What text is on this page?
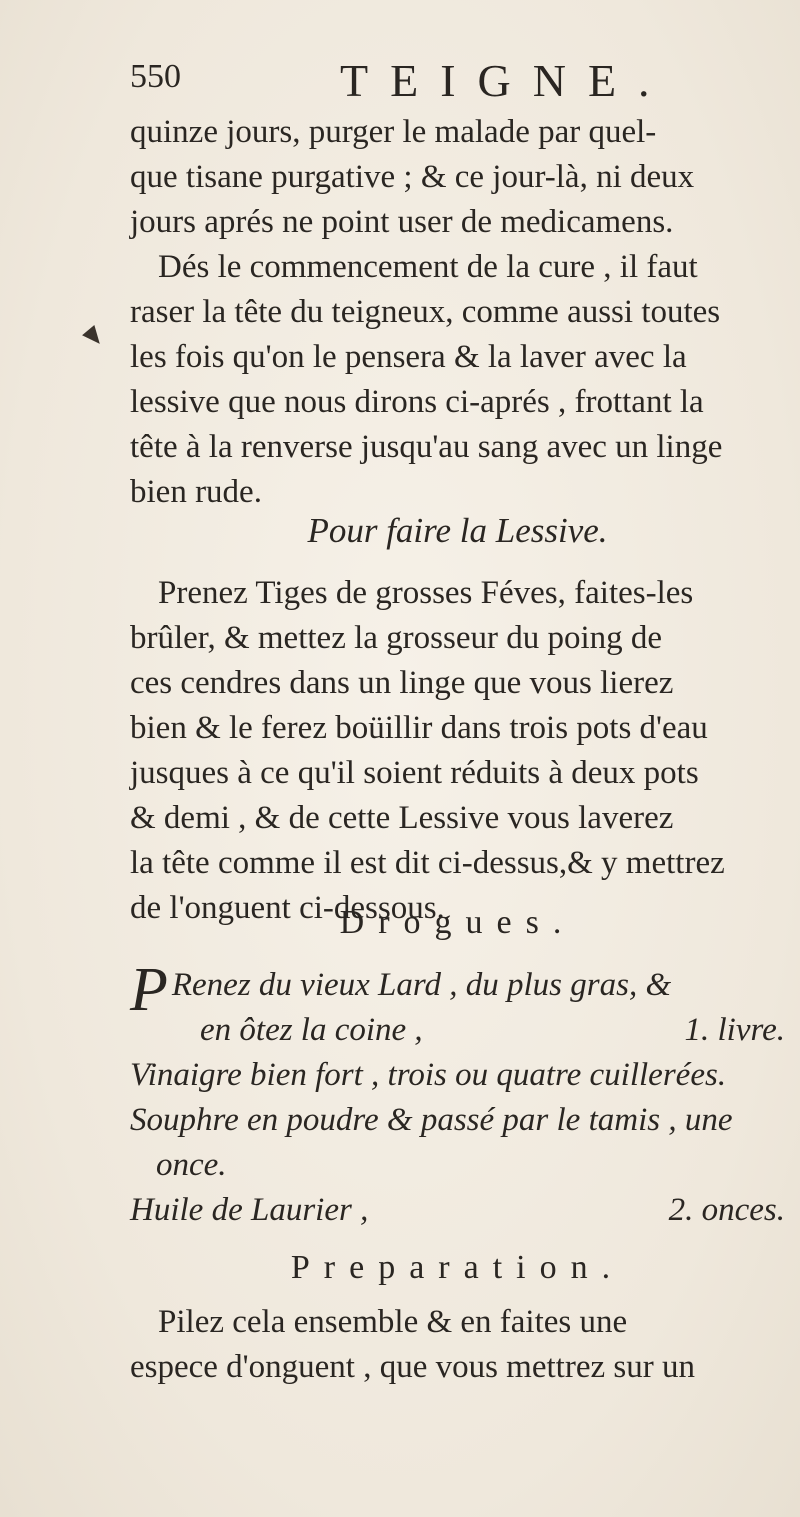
550	TEIGNE.
quinze jours, purger le malade par quel-
que tisane purgative ; & ce jour-là, ni deux
jours aprés ne point user de medicamens.
Dés le commencement de la cure , il faut
raser la tête du teigneux, comme aussi toutes
les fois qu'on le pensera & la laver avec la
lessive que nous dirons ci-aprés , frottant la
tête à la renverse jusqu'au sang avec un linge
bien rude.
Pour faire la Lessive.
Prenez Tiges de grosses Féves, faites-les
brûler, & mettez la grosseur du poing de
ces cendres dans un linge que vous lierez
bien & le ferez boüillir dans trois pots d'eau
jusques à ce qu'il soient réduits à deux pots
& demi , & de cette Lessive vous laverez
la tête comme il est dit ci-dessus,& y mettrez
de l'onguent ci-dessous.
Drogues.
P Renez du vieux Lard , du plus gras, &
en ôtez la coine ,	1. livre.
Vinaigre bien fort , trois ou quatre cuillerées.
Souphre en poudre & passé par le tamis , une
once.
Huile de Laurier ,	2. onces.
Preparation.
Pilez cela ensemble & en faites une
espece d'onguent , que vous mettrez sur un
